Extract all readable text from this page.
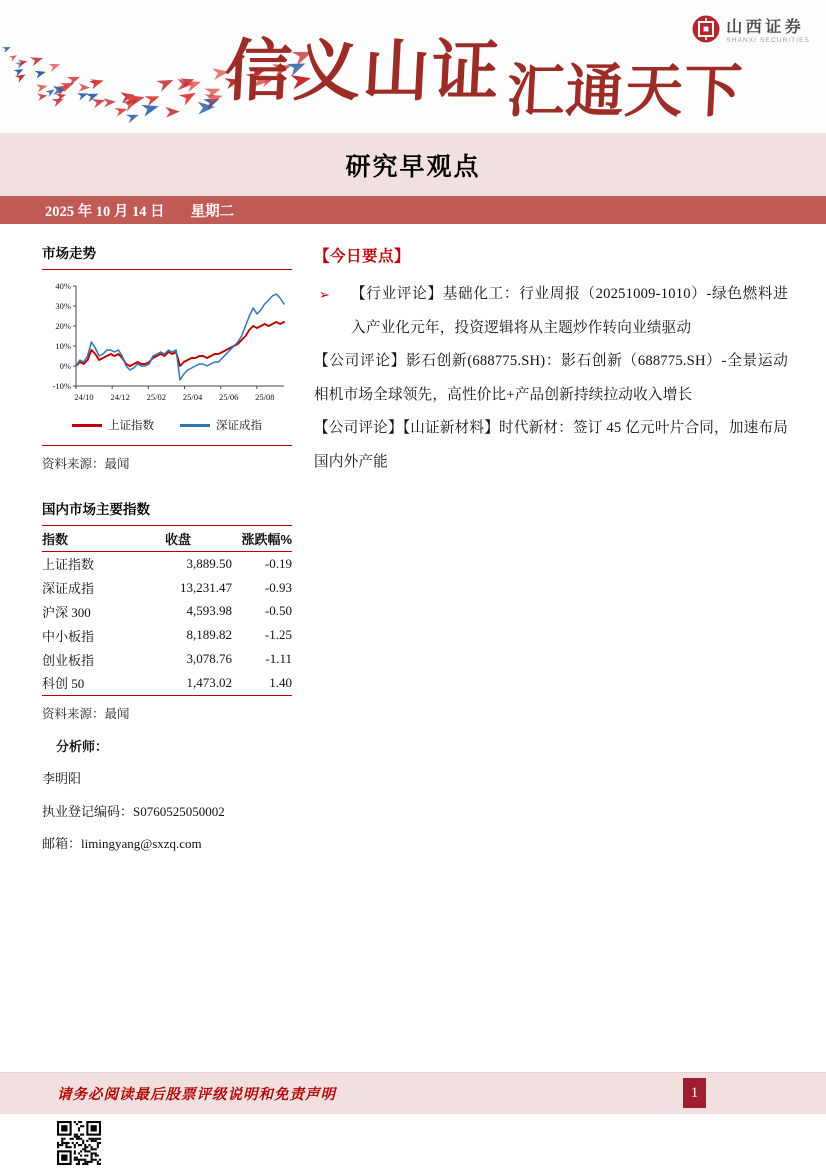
信义山证 汇通天下
山西证券
SHANXI SECURITIES
研究早观点
2025 年 10 月 14 日 星期二
市场走势
40%
30%
20%
10%
0%
-10%
24/10 24/12 25/02 25/04 25/06 25/08
上证指数	深证成指
资料来源：最闻
国内市场主要指数
指数	收盘	涨跌幅%
上证指数	3,889.50	-0.19
深证成指	13,231.47	-0.93
沪深 300	4,593.98	-0.50
中小板指	8,189.82	-1.25
创业板指	3,078.76	-1.11
科创 50	1,473.02	1.40
资料来源：最闻
分析师：
李明阳
执业登记编码：S0760525050002
邮箱：limingyang@sxzq.com
【今日要点】
➢ 【行业评论】基础化工：行业周报（20251009-1010）-绿色燃料进入产业化元年，投资逻辑将从主题炒作转向业绩驱动
【公司评论】影石创新(688775.SH)：影石创新（688775.SH）-全景运动相机市场全球领先，高性价比+产品创新持续拉动收入增长
【公司评论】【山证新材料】时代新材：签订 45 亿元叶片合同，加速布局国内外产能
请务必阅读最后股票评级说明和免责声明	1
